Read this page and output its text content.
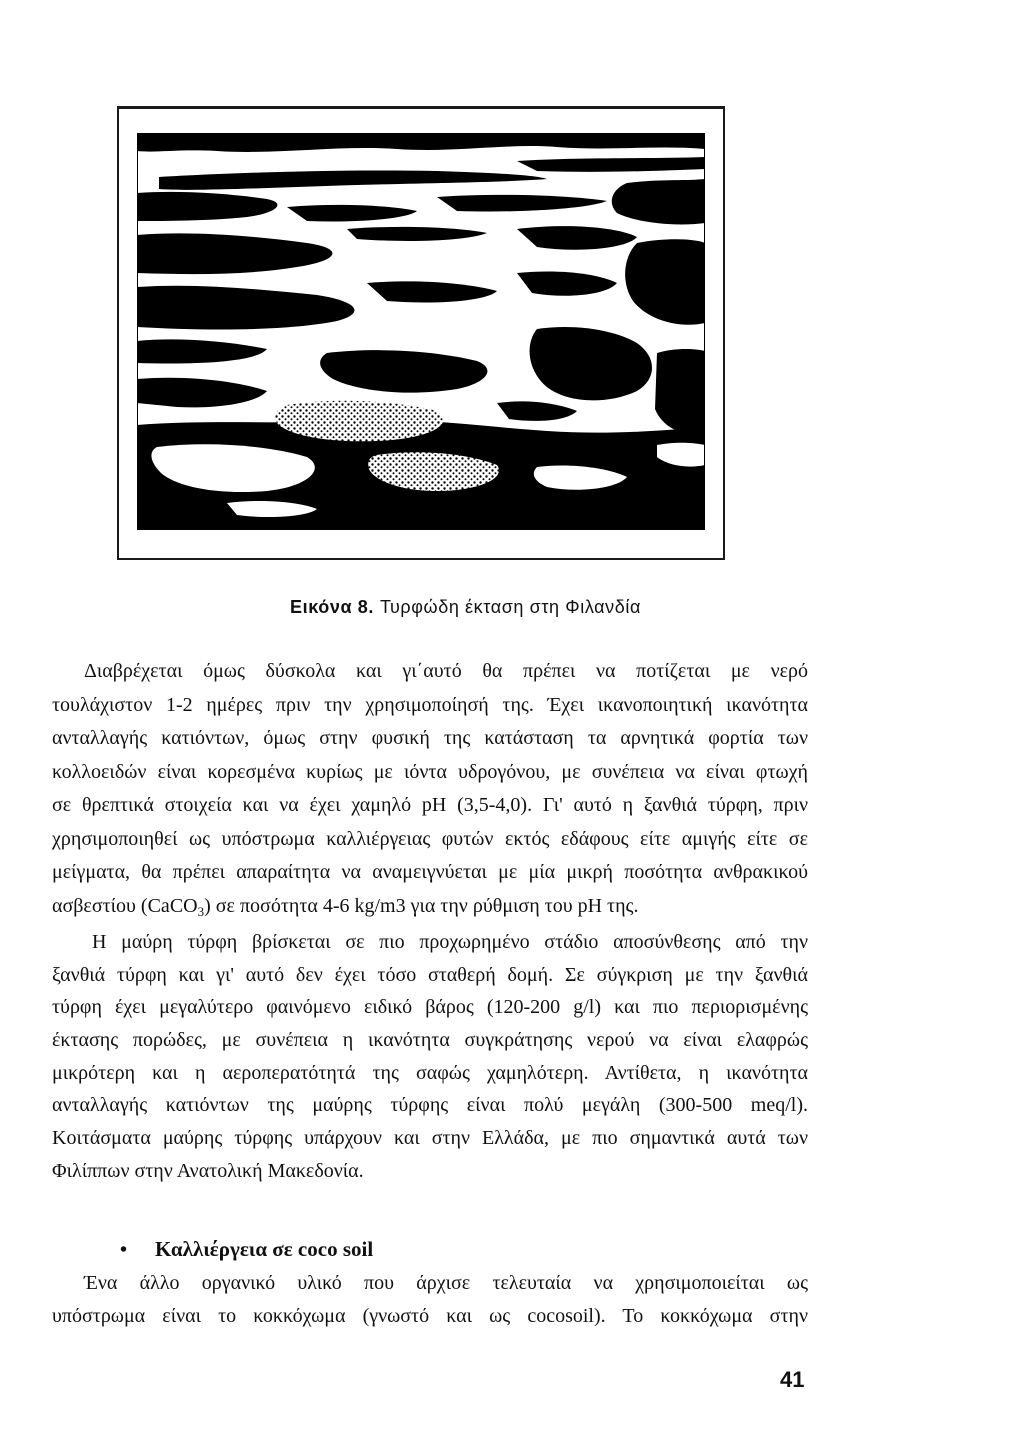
Εικόνα 8. Τυρφώδη έκταση στη Φιλανδία
Διαβρέχεται όμως δύσκολα και γι΄αυτό θα πρέπει να ποτίζεται με νερό
τουλάχιστον 1-2 ημέρες πριν την χρησιμοποίησή της. Έχει ικανοποιητική ικανότητα
ανταλλαγής κατιόντων, όμως στην φυσική της κατάσταση τα αρνητικά φορτία των
κολλοειδών είναι κορεσμένα κυρίως με ιόντα υδρογόνου, με συνέπεια να είναι φτωχή
σε θρεπτικά στοιχεία και να έχει χαμηλό pH (3,5-4,0). Γι' αυτό η ξανθιά τύρφη, πριν
χρησιμοποιηθεί ως υπόστρωμα καλλιέργειας φυτών εκτός εδάφους είτε αμιγής είτε σε
μείγματα, θα πρέπει απαραίτητα να αναμειγνύεται με μία μικρή ποσότητα ανθρακικού
ασβεστίου (CaCO$_3$) σε ποσότητα 4-6 kg/m3 για την ρύθμιση του pH της.
Η μαύρη τύρφη βρίσκεται σε πιο προχωρημένο στάδιο αποσύνθεσης από την
ξανθιά τύρφη και γι' αυτό δεν έχει τόσο σταθερή δομή. Σε σύγκριση με την ξανθιά
τύρφη έχει μεγαλύτερο φαινόμενο ειδικό βάρος (120-200 g/l) και πιο περιορισμένης
έκτασης πορώδες, με συνέπεια η ικανότητα συγκράτησης νερού να είναι ελαφρώς
μικρότερη και η αεροπερατότητά της σαφώς χαμηλότερη. Αντίθετα, η ικανότητα
ανταλλαγής κατιόντων της μαύρης τύρφης είναι πολύ μεγάλη (300-500 meq/l).
Κοιτάσματα μαύρης τύρφης υπάρχουν και στην Ελλάδα, με πιο σημαντικά αυτά των
Φιλίππων στην Ανατολική Μακεδονία.
• Καλλιέργεια σε coco soil
Ένα άλλο οργανικό υλικό που άρχισε τελευταία να χρησιμοποιείται ως
υπόστρωμα είναι το κοκκόχωμα (γνωστό και ως cocosoil). Το κοκκόχωμα στην
41
